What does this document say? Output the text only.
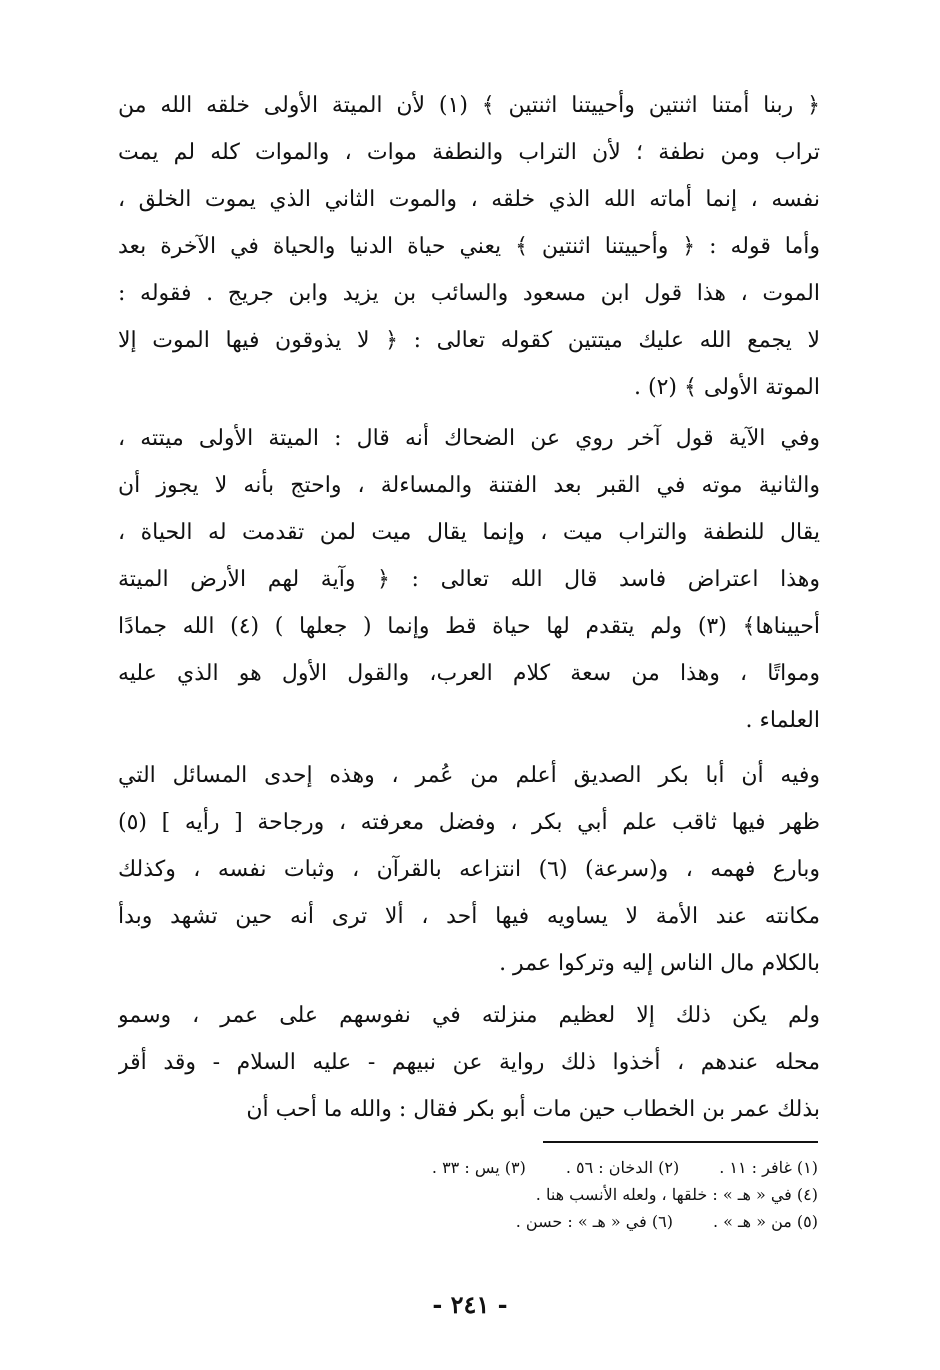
﴿ ربنا أمتنا اثنتين وأحييتنا اثنتين ﴾ (١) لأن الميتة الأولى خلقه الله من
تراب ومن نطفة ؛ لأن التراب والنطفة موات ، والموات كله لم يمت
نفسه ، إنما أماته الله الذي خلقه ، والموت الثاني الذي يموت الخلق ،
وأما قوله : ﴿ وأحييتنا اثنتين ﴾ يعني حياة الدنيا والحياة في الآخرة بعد
الموت ، هذا قول ابن مسعود والسائب بن يزيد وابن جريج . فقوله :
لا يجمع الله عليك ميتتين كقوله تعالى : ﴿ لا يذوقون فيها الموت إلا
الموتة الأولى ﴾ (٢) .
وفي الآية قول آخر روي عن الضحاك أنه قال : الميتة الأولى ميتته ،
والثانية موته في القبر بعد الفتنة والمساءلة ، واحتج بأنه لا يجوز أن
يقال للنطفة والتراب ميت ، وإنما يقال ميت لمن تقدمت له الحياة ،
وهذا اعتراض فاسد قال الله تعالى : ﴿ وآية لهم الأرض الميتة
أحييناها﴾ (٣) ولم يتقدم لها حياة قط وإنما ( جعلها ) (٤) الله جمادًا
ومواتًا ، وهذا من سعة كلام العرب، والقول الأول هو الذي عليه
العلماء .
وفيه أن أبا بكر الصديق أعلم من عُمر ، وهذه إحدى المسائل التي
ظهر فيها ثاقب علم أبي بكر ، وفضل معرفته ، ورجاحة [ رأيه ] (٥)
وبارع فهمه ، و(سرعة) (٦) انتزاعه بالقرآن ، وثبات نفسه ، وكذلك
مكانته عند الأمة لا يساويه فيها أحد ، ألا ترى أنه حين تشهد وبدأ
بالكلام مال الناس إليه وتركوا عمر .
ولم يكن ذلك إلا لعظيم منزلته في نفوسهم على عمر ، وسمو
محله عندهم ، أخذوا ذلك رواية عن نبيهم - عليه السلام - وقد أقر
بذلك عمر بن الخطاب حين مات أبو بكر فقال : والله ما أحب أن
(١) غافر : ١١ .(٢) الدخان : ٥٦ .(٣) يس : ٣٣ .
(٤) في « هـ » : خلقها ، ولعله الأنسب هنا .
(٥) من « هـ » .(٦) في « هـ » : حسن .
- ٢٤١ -
